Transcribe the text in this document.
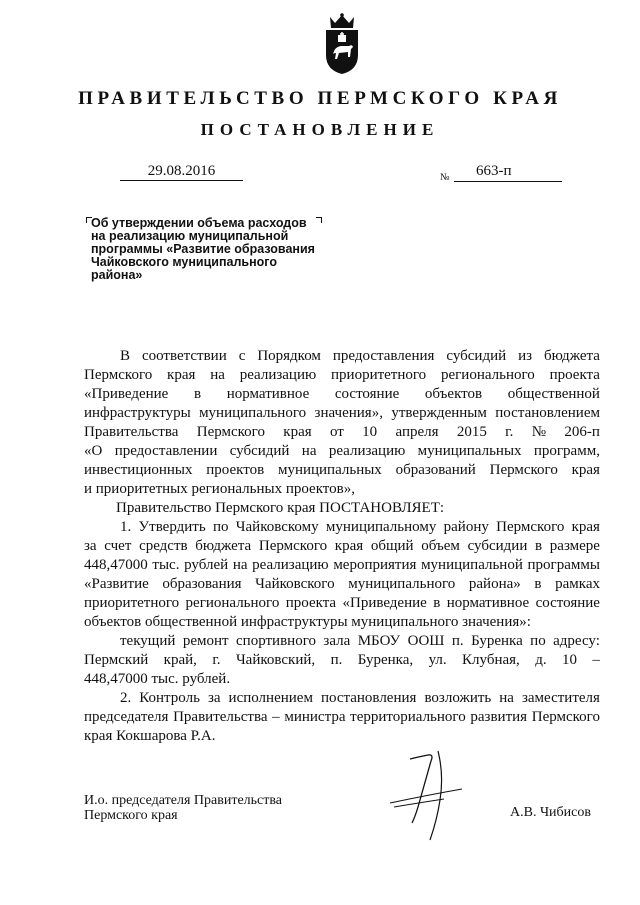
ПРАВИТЕЛЬСТВО ПЕРМСКОГО КРАЯ
ПОСТАНОВЛЕНИЕ
29.08.2016	№ 663-п
Об утверждении объема расходов
на реализацию муниципальной
программы «Развитие образования
Чайковского муниципального
района»
В соответствии с Порядком предоставления субсидий из бюджета
Пермского края на реализацию приоритетного регионального проекта
«Приведение в нормативное состояние объектов общественной
инфраструктуры муниципального значения», утвержденным постановлением
Правительства Пермского края от 10 апреля 2015 г. № 206-п
«О предоставлении субсидий на реализацию муниципальных программ,
инвестиционных проектов муниципальных образований Пермского края
и приоритетных региональных проектов»,
Правительство Пермского края ПОСТАНОВЛЯЕТ:
1. Утвердить по Чайковскому муниципальному району Пермского края
за счет средств бюджета Пермского края общий объем субсидии в размере
448,47000 тыс. рублей на реализацию мероприятия муниципальной программы
«Развитие образования Чайковского муниципального района» в рамках
приоритетного регионального проекта «Приведение в нормативное состояние
объектов общественной инфраструктуры муниципального значения»:
текущий ремонт спортивного зала МБОУ ООШ п. Буренка по адресу:
Пермский край, г. Чайковский, п. Буренка, ул. Клубная, д. 10 –
448,47000 тыс. рублей.
2. Контроль за исполнением постановления возложить на заместителя
председателя Правительства – министра территориального развития Пермского
края Кокшарова Р.А.
И.о. председателя Правительства
Пермского края	А.В. Чибисов
